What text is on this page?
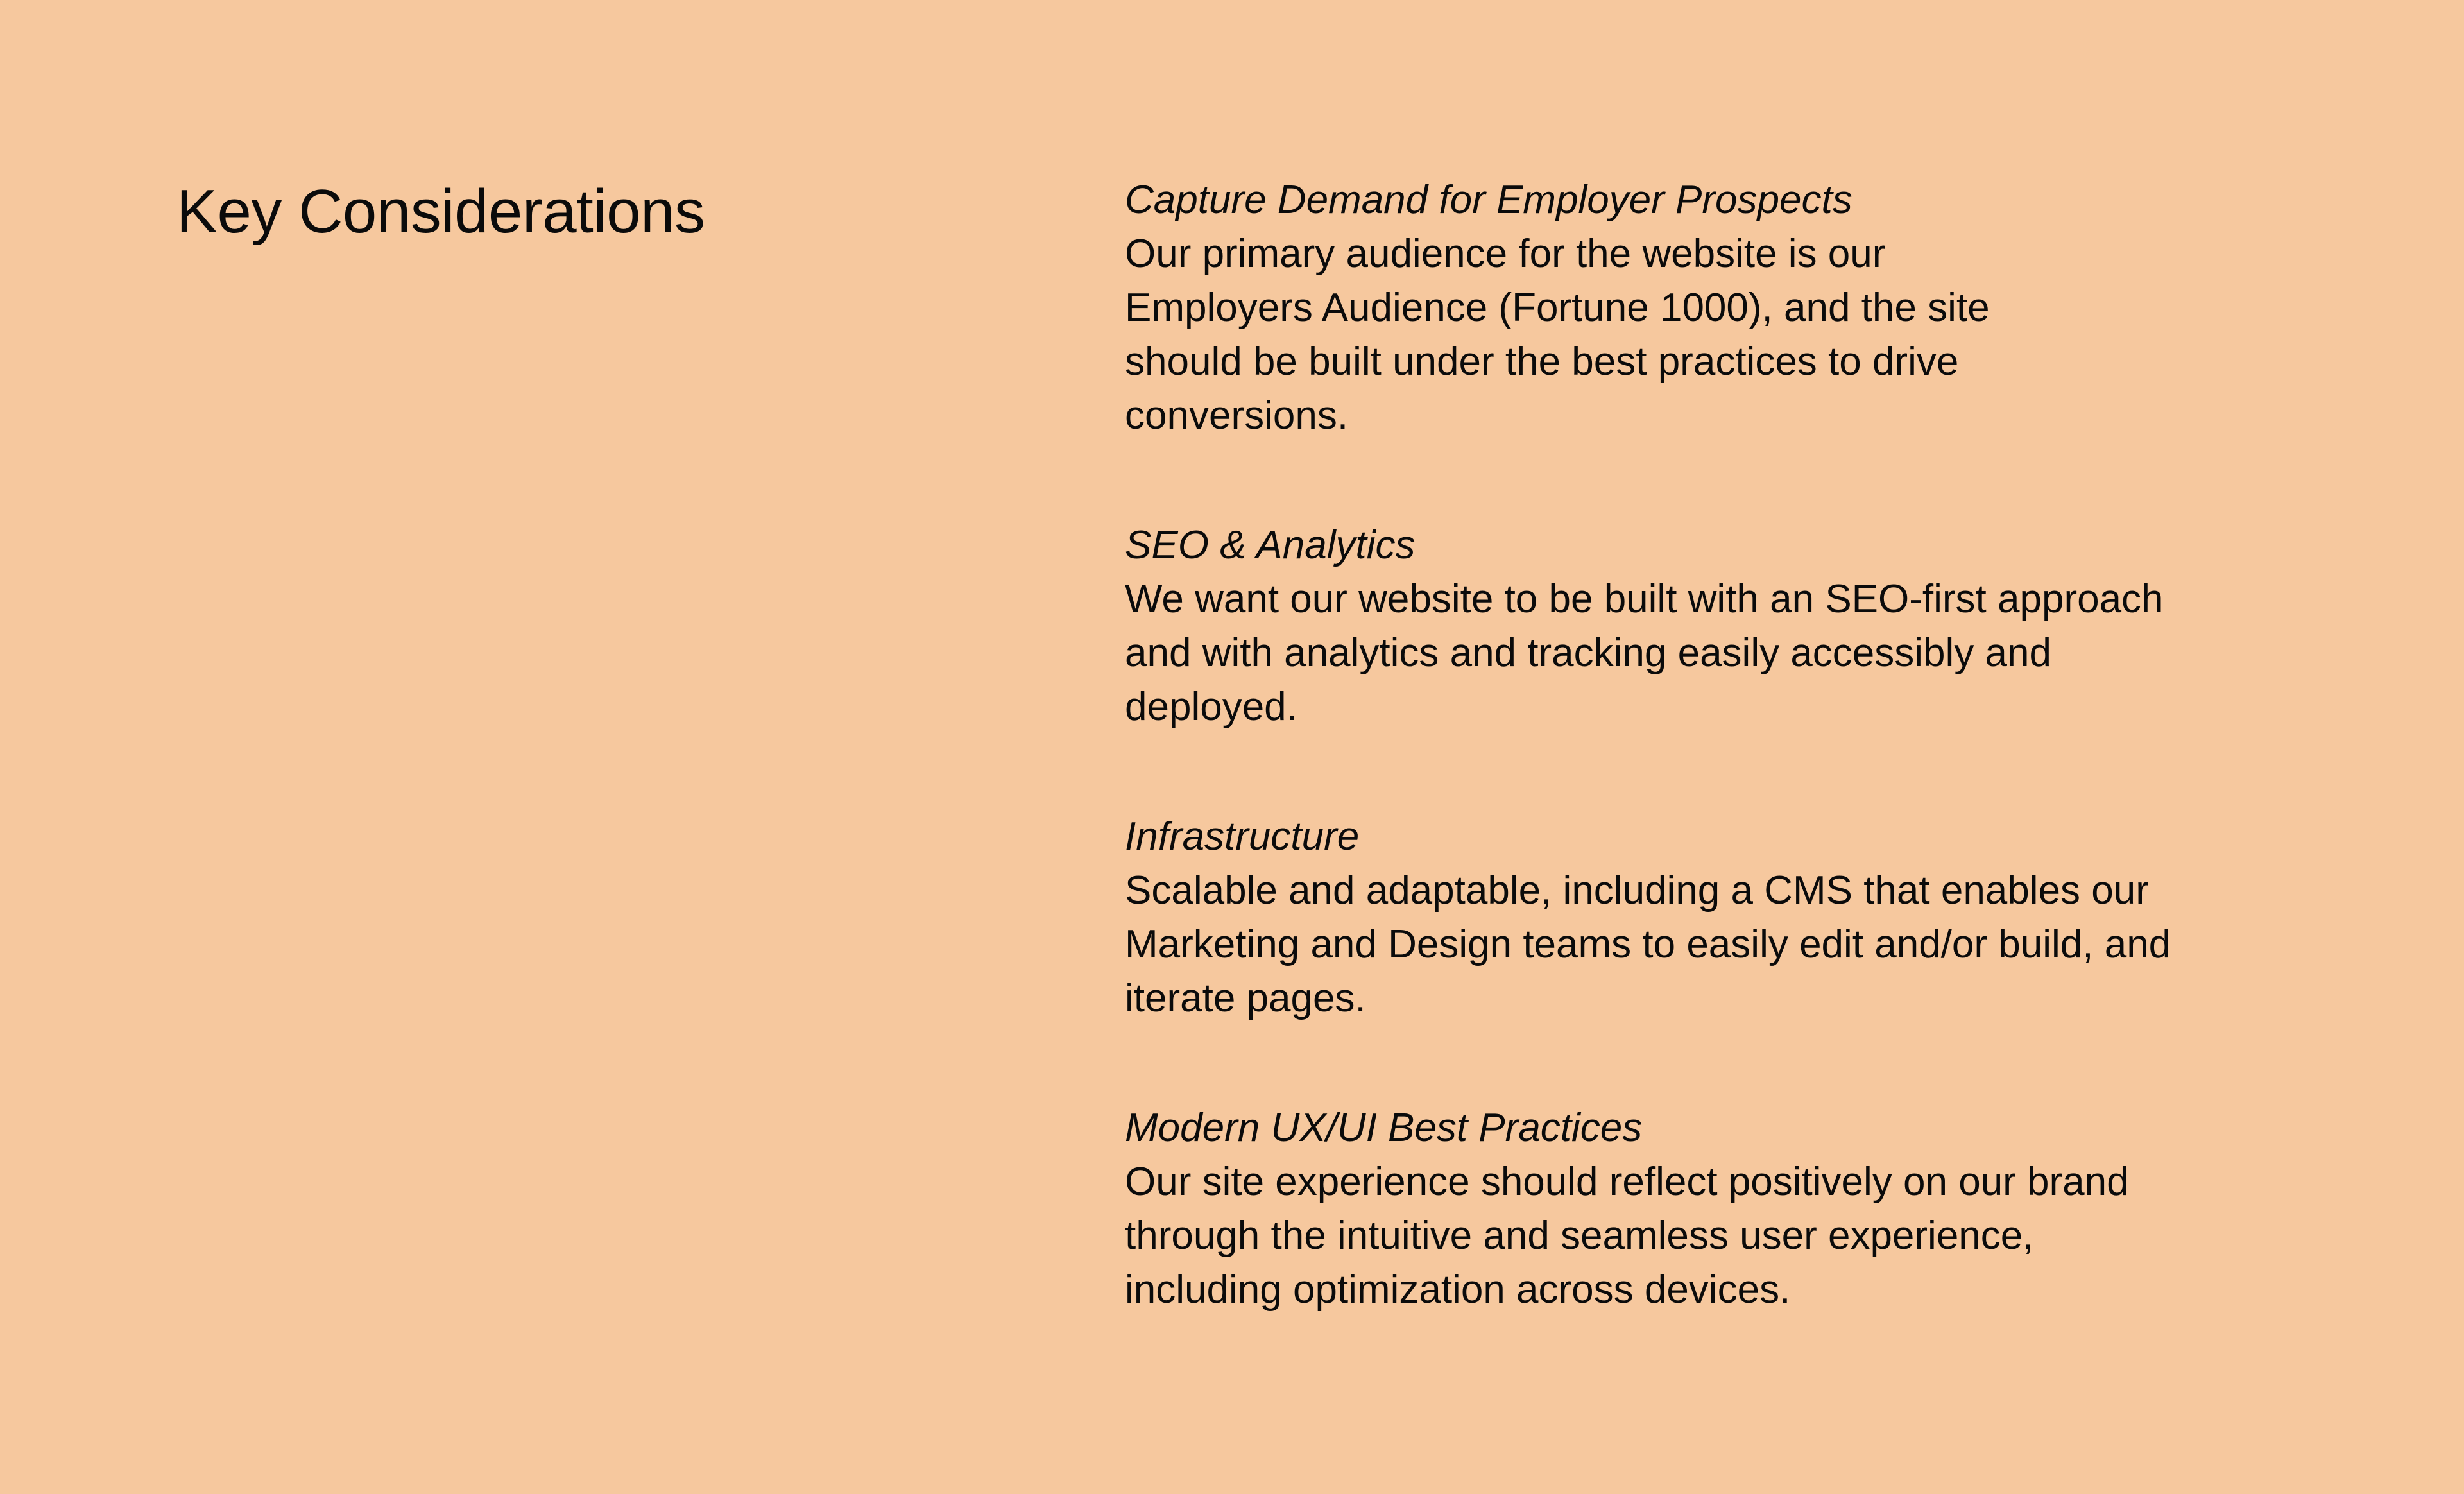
Key Considerations	Capture Demand for Employer Prospects

Our primary audience for the website is our
Employers Audience (Fortune 1000), and the site
should be built under the best practices to drive
conversions.

SEO & Analytics

We want our website to be built with an SEO-first approach
and with analytics and tracking easily accessibly and
deployed.

Infrastructure

Scalable and adaptable, including a CMS that enables our
Marketing and Design teams to easily edit and/or build, and
iterate pages.

Modern UX/UI Best Practices

Our site experience should reflect positively on our brand
through the intuitive and seamless user experience,
including optimization across devices.
